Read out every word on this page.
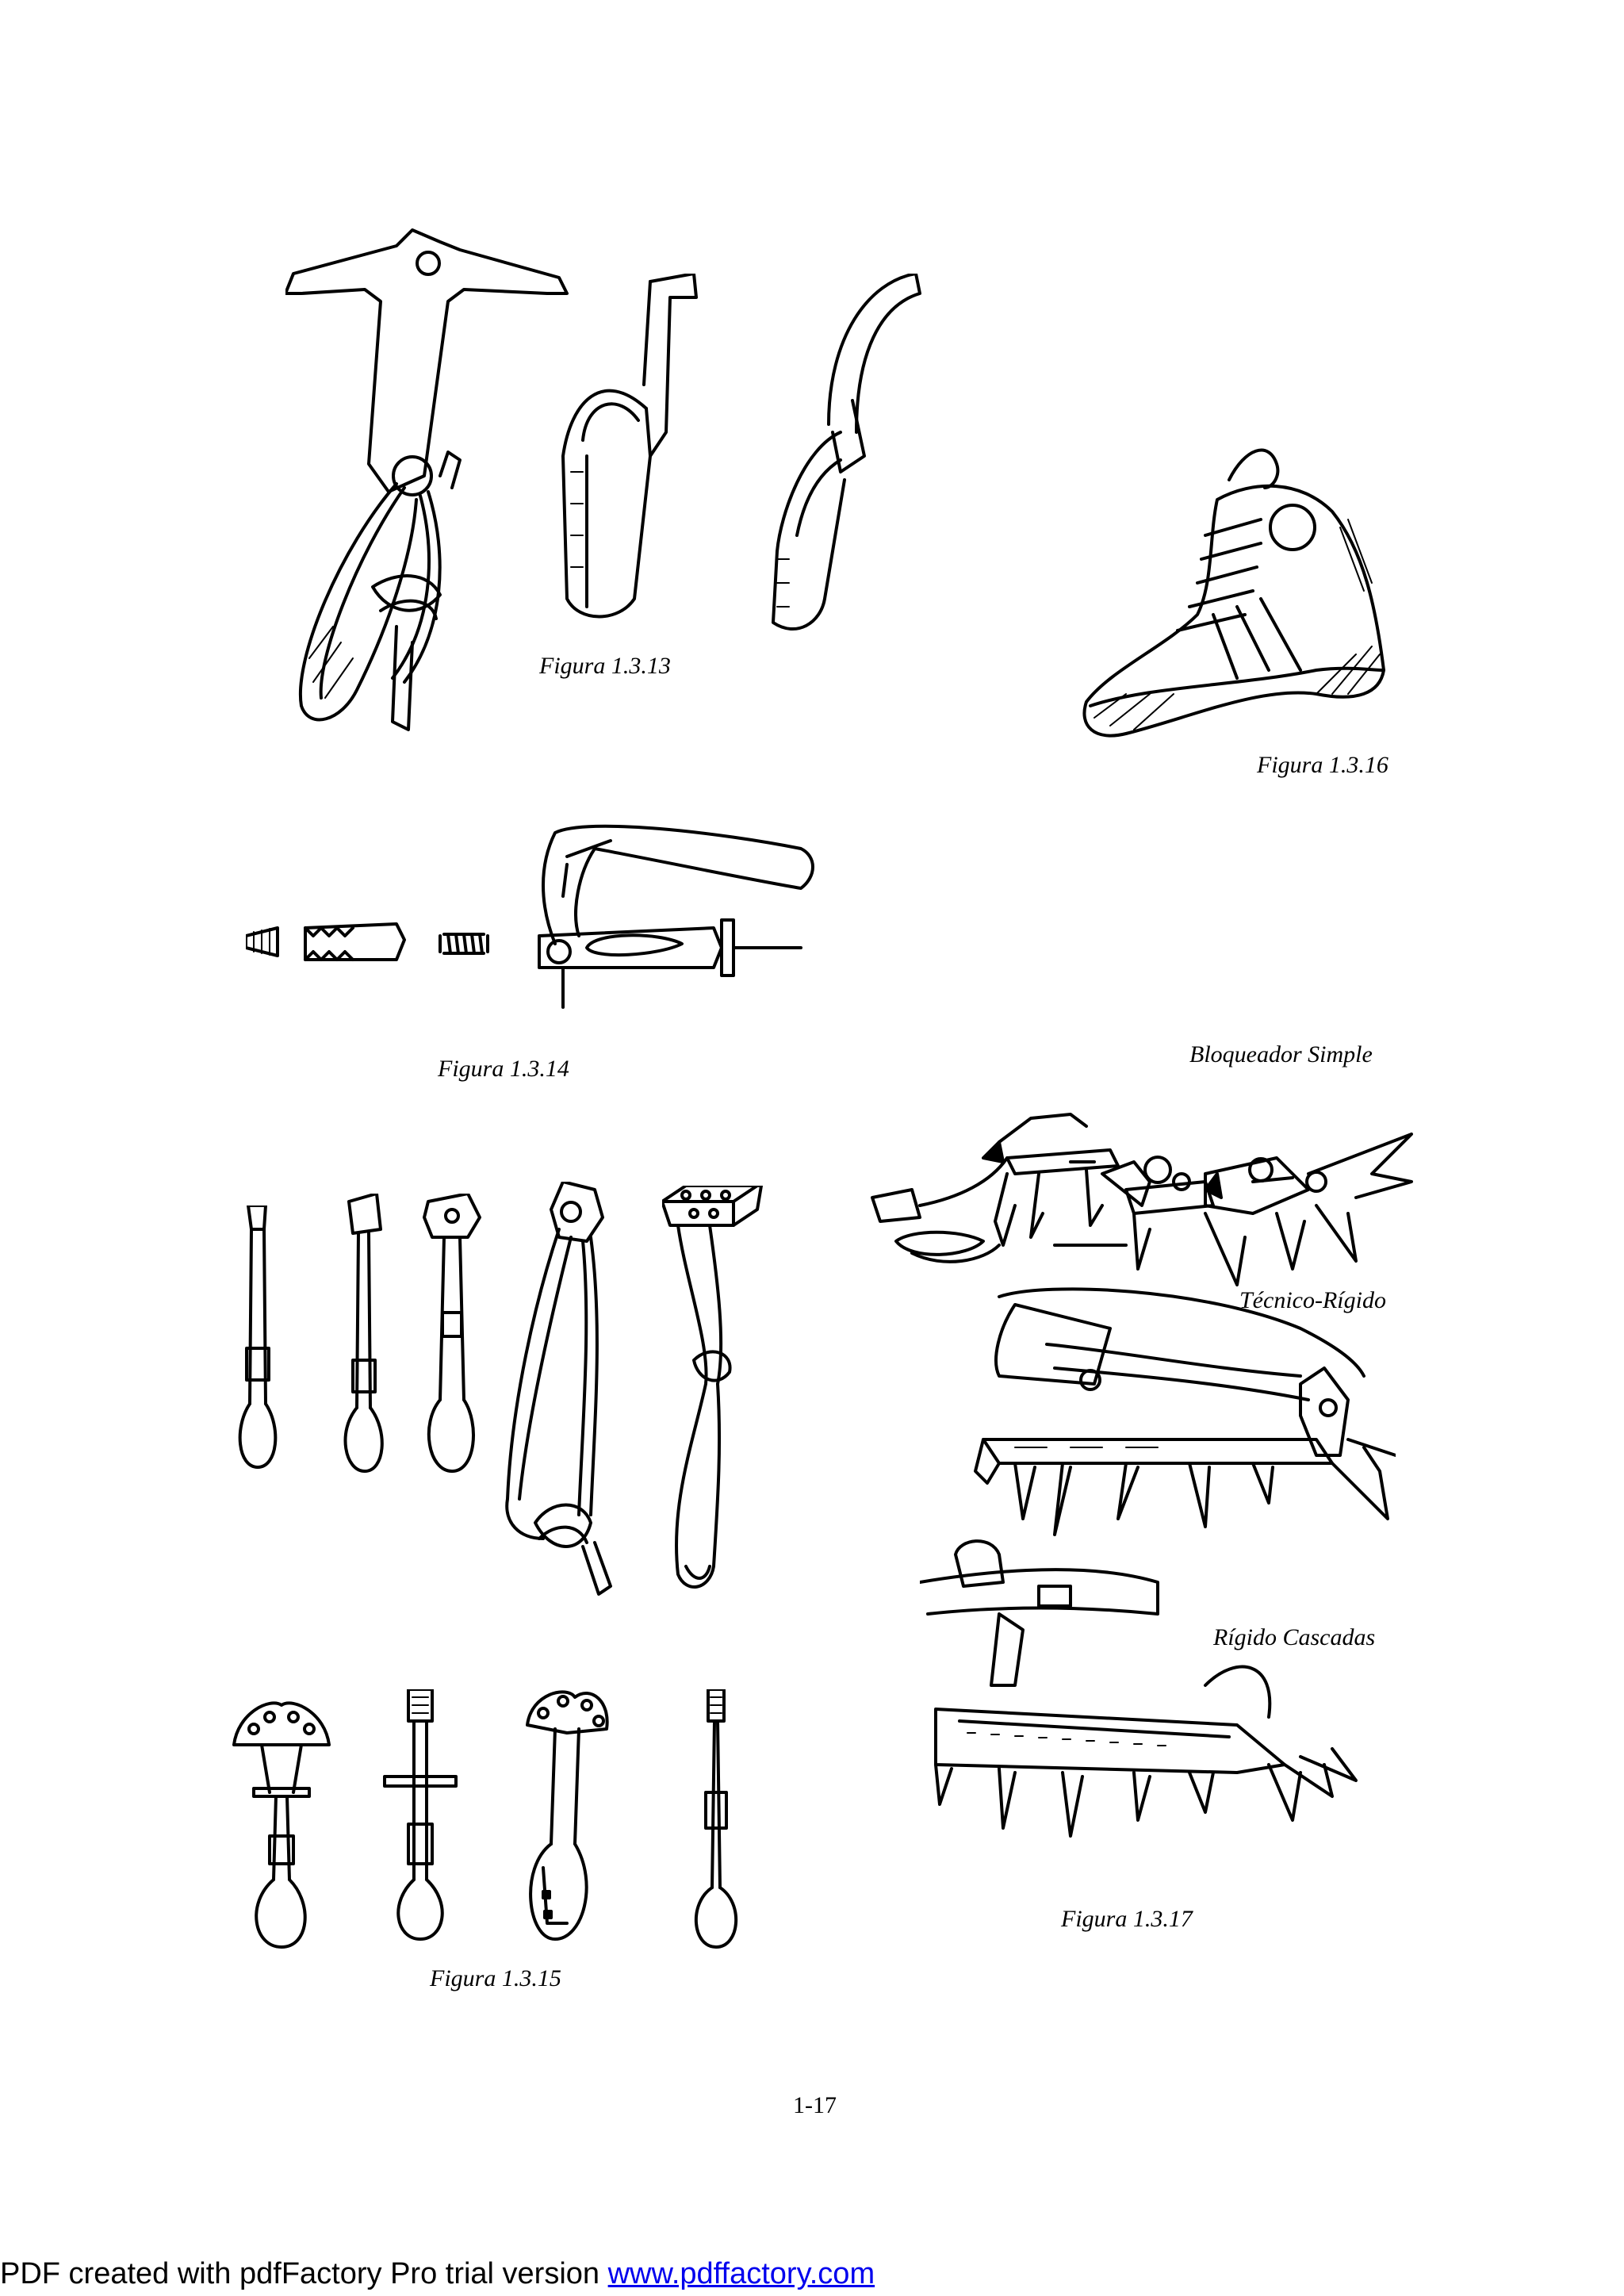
Figura 1.3.13
Figura 1.3.16
Figura 1.3.14
Bloqueador Simple
Técnico-Rígido
Rígido Cascadas
Figura 1.3.17
Figura 1.3.15
1-17
PDF created with pdfFactory Pro trial version www.pdffactory.com
